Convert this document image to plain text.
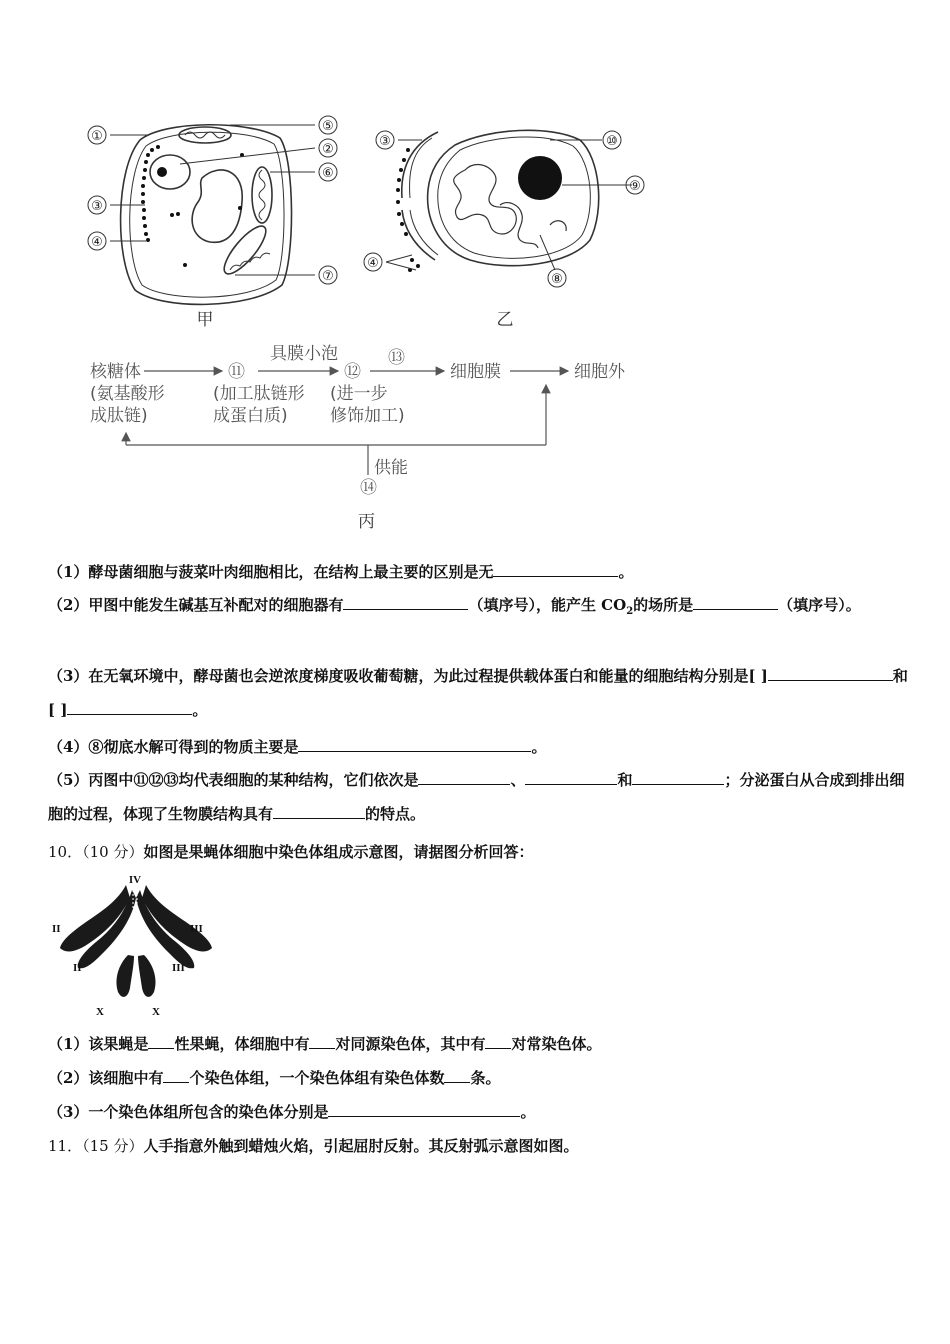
①
②
③
④
⑤
⑥
⑦
甲
③
④
⑧
⑨
⑩
乙
核糖体
(氨基酸形
成肽链)
⑪
(加工肽链形
成蛋白质)
具膜小泡
⑫
(进一步
修饰加工)
⑬
细胞膜	细胞外
供能
⑭
丙
（1）酵母菌细胞与菠菜叶肉细胞相比，在结构上最主要的区别是无	。
（2）甲图中能发生碱基互补配对的细胞器有	（填序号），能产生 $CO_2$的场所是	（填序号）。
（3）在无氧环境中，酵母菌也会逆浓度梯度吸收葡萄糖，为此过程提供载体蛋白和能量的细胞结构分别是[ ]	和[ ]	。
（4）⑧彻底水解可得到的物质主要是	。
（5）丙图中⑪⑫⑬均代表细胞的某种结构，它们依次是	、	和	；分泌蛋白从合成到排出细胞的过程，体现了生物膜结构具有	的特点。
10．（10 分）如图是果蝇体细胞中染色体组成示意图，请据图分析回答：
IV
II
II
III
III
X	X
（1）该果蝇是 性果蝇，体细胞中有 对同源染色体，其中有 对常染色体。
（2）该细胞中有 个染色体组，一个染色体组有染色体数 条。
（3）一个染色体组所包含的染色体分别是	。
11．（15 分）人手指意外触到蜡烛火焰，引起屈肘反射。其反射弧示意图如图。
